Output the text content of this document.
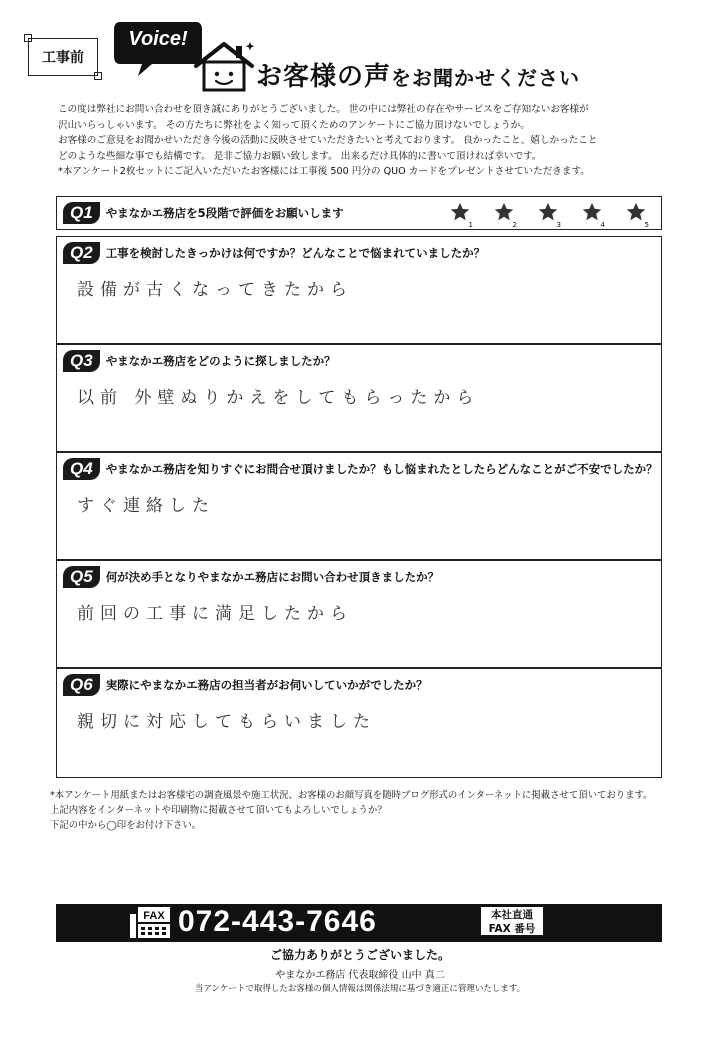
工事前
Voice!
お客様の声をお聞かせください

この度は弊社にお問い合わせを頂き誠にありがとうございました。 世の中には弊社の存在やサービスをご存知ないお客様が

沢山いらっしゃいます。 その方たちに弊社をよく知って頂くためのアンケートにご協力頂けないでしょうか。

お客様のご意見をお聞かせいただき今後の活動に反映させていただきたいと考えております。 良かったこと、嬉しかったこと

どのような些細な事でも結構です。 是非ご協力お願い致します。 出来るだけ具体的に書いて頂ければ幸いです。

*本アンケート2枚セットにご記入いただいたお客様には工事後 500 円分の QUO カードをプレゼントさせていただきます。

Q1	やまなかエ務店を5段階で評価をお願いします
1	2	3	4	5
Q2	工事を検討したきっかけは何ですか？どんなことで悩まれていましたか？
設備が古くなってきたから
Q3	やまなかエ務店をどのように探しましたか？
以前 外壁ぬりかえをしてもらったから
Q4	やまなかエ務店を知りすぐにお問合せ頂けましたか？もし悩まれたとしたらどんなことがご不安でしたか？
すぐ連絡した
Q5	何が決め手となりやまなかエ務店にお問い合わせ頂きましたか？
前回の工事に満足したから
Q6	実際にやまなかエ務店の担当者がお伺いしていかがでしたか？
親切に対応してもらいました

*本アンケート用紙またはお客様宅の調査風景や施工状況、お客様のお顔写真を随時ブログ形式のインターネットに掲載させて頂いております。

上記内容をインターネットや印刷物に掲載させて頂いてもよろしいでしょうか？

下記の中から◯印をお付け下さい。

FAX 072-443-7646	本社直通
FAX 番号
ご協力ありがとうございました。
やまなかエ務店 代表取締役 山中 真二
当アンケートで取得したお客様の個人情報は関係法規に基づき適正に管理いたします。
